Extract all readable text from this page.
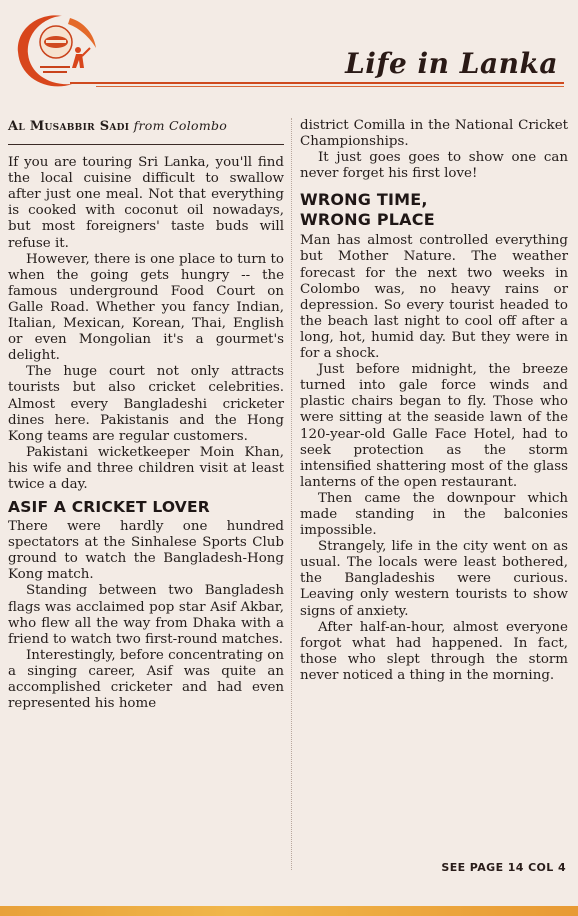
Life in Lanka
Al Musabbir Sadi from Colombo

If you are touring Sri Lanka, you'll find the local cuisine difficult to swallow after just one meal. Not that everything is cooked with coconut oil nowadays, but most foreigners' taste buds will refuse it.

However, there is one place to turn to when the going gets hungry -- the famous underground Food Court on Galle Road. Whether you fancy Indian, Italian, Mexican, Korean, Thai, English or even Mongolian it's a gourmet's delight.

The huge court not only attracts tourists but also cricket celebrities. Almost every Bangladeshi cricketer dines here. Pakistanis and the Hong Kong teams are regular customers.

Pakistani wicketkeeper Moin Khan, his wife and three children visit at least twice a day.

ASIF A CRICKET LOVER

There were hardly one hundred spectators at the Sinhalese Sports Club ground to watch the Bangladesh-Hong Kong match.

Standing between two Bangladesh flags was acclaimed pop star Asif Akbar, who flew all the way from Dhaka with a friend to watch two first-round matches.

Interestingly, before concentrating on a singing career, Asif was quite an accomplished cricketer and had even represented his home

district Comilla in the National Cricket Championships.

It just goes goes to show one can never forget his first love!

WRONG TIME,
WRONG PLACE

Man has almost controlled everything but Mother Nature. The weather forecast for the next two weeks in Colombo was, no heavy rains or depression. So every tourist headed to the beach last night to cool off after a long, hot, humid day. But they were in for a shock.

Just before midnight, the breeze turned into gale force winds and plastic chairs began to fly. Those who were sitting at the seaside lawn of the 120-year-old Galle Face Hotel, had to seek protection as the storm intensified shattering most of the glass lanterns of the open restaurant.

Then came the downpour which made standing in the balconies impossible.

Strangely, life in the city went on as usual. The locals were least bothered, the Bangladeshis were curious. Leaving only western tourists to show signs of anxiety.

After half-an-hour, almost everyone forgot what had happened. In fact, those who slept through the storm never noticed a thing in the morning.

SEE PAGE 14 COL 4
